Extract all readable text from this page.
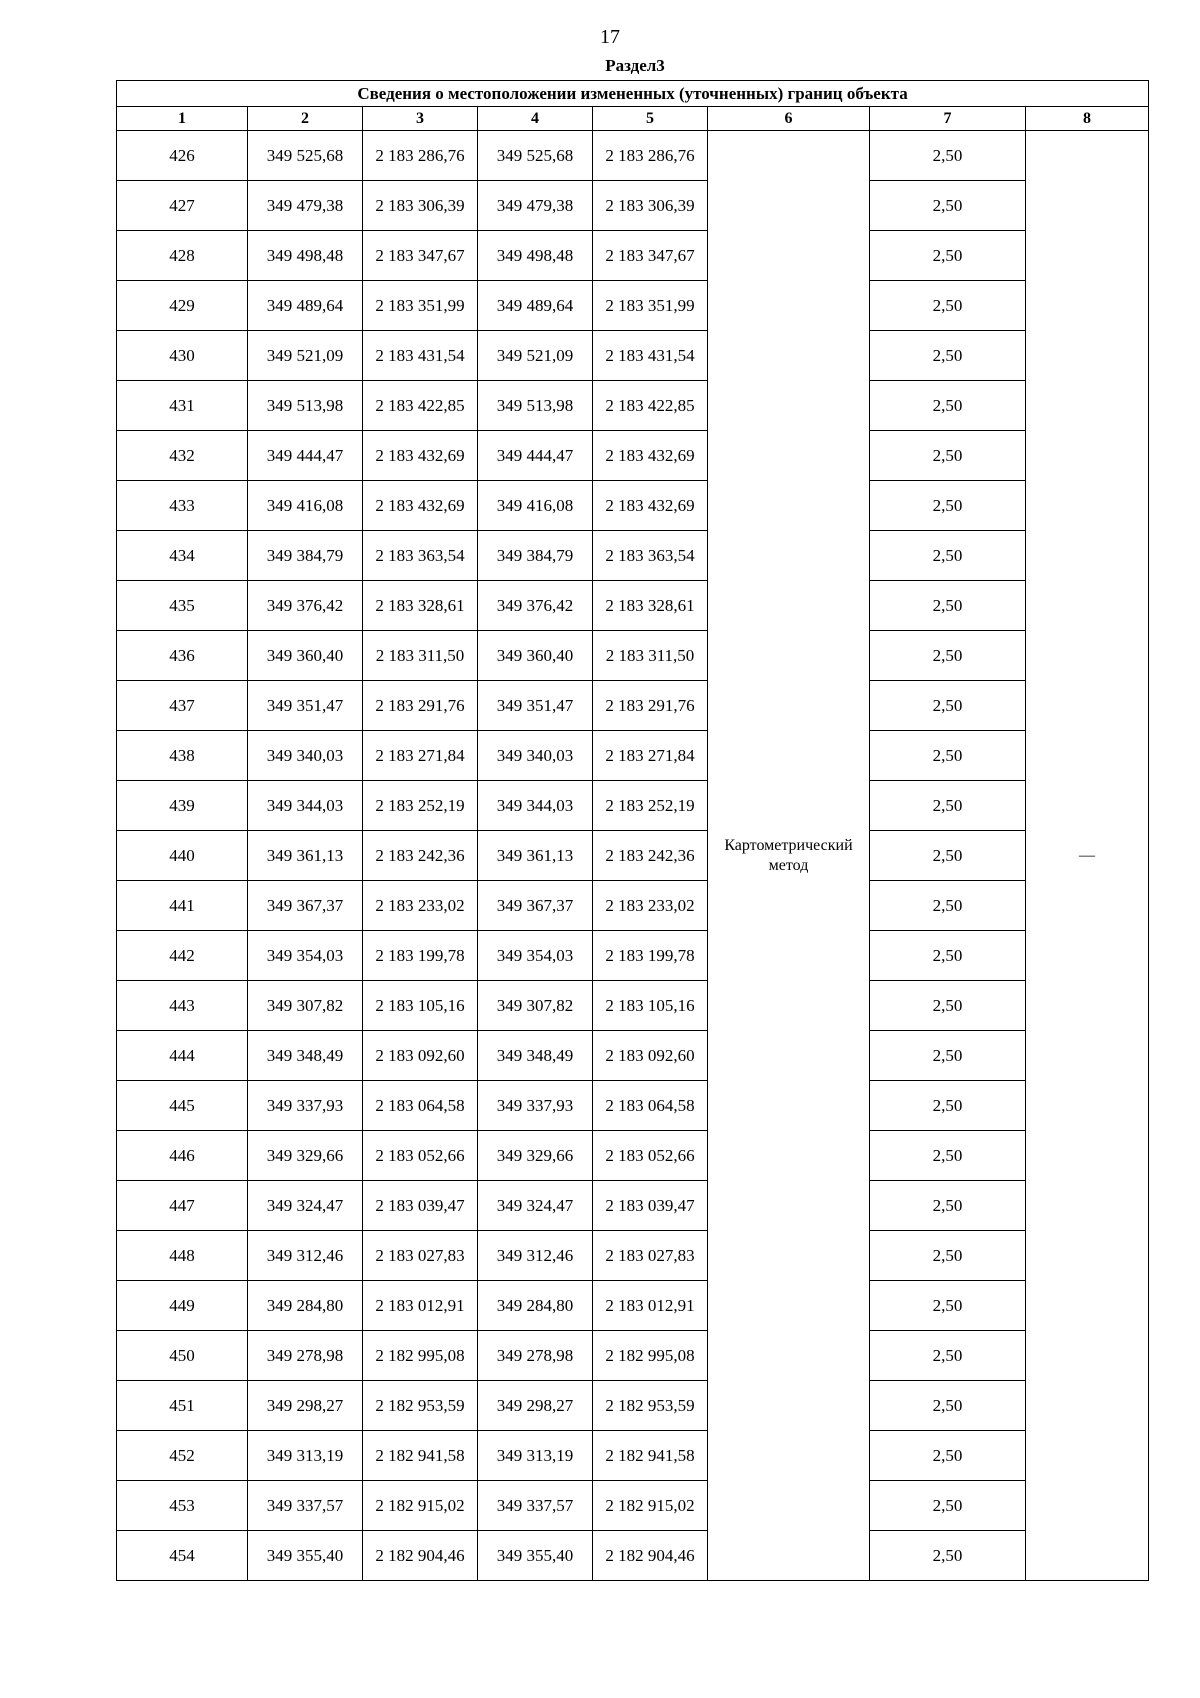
17
Раздел3
Сведения о местоположении измененных (уточненных) границ объекта							
1	2	3	4	5	6	7	8
426	349 525,68	2 183 286,76	349 525,68	2 183 286,76	Картометрический метод	2,50	—
427	349 479,38	2 183 306,39	349 479,38	2 183 306,39		2,50	
428	349 498,48	2 183 347,67	349 498,48	2 183 347,67		2,50	
429	349 489,64	2 183 351,99	349 489,64	2 183 351,99		2,50	
430	349 521,09	2 183 431,54	349 521,09	2 183 431,54		2,50	
431	349 513,98	2 183 422,85	349 513,98	2 183 422,85		2,50	
432	349 444,47	2 183 432,69	349 444,47	2 183 432,69		2,50	
433	349 416,08	2 183 432,69	349 416,08	2 183 432,69		2,50	
434	349 384,79	2 183 363,54	349 384,79	2 183 363,54		2,50	
435	349 376,42	2 183 328,61	349 376,42	2 183 328,61		2,50	
436	349 360,40	2 183 311,50	349 360,40	2 183 311,50		2,50	
437	349 351,47	2 183 291,76	349 351,47	2 183 291,76		2,50	
438	349 340,03	2 183 271,84	349 340,03	2 183 271,84		2,50	
439	349 344,03	2 183 252,19	349 344,03	2 183 252,19		2,50	
440	349 361,13	2 183 242,36	349 361,13	2 183 242,36		2,50	
441	349 367,37	2 183 233,02	349 367,37	2 183 233,02		2,50	
442	349 354,03	2 183 199,78	349 354,03	2 183 199,78		2,50	
443	349 307,82	2 183 105,16	349 307,82	2 183 105,16		2,50	
444	349 348,49	2 183 092,60	349 348,49	2 183 092,60		2,50	
445	349 337,93	2 183 064,58	349 337,93	2 183 064,58		2,50	
446	349 329,66	2 183 052,66	349 329,66	2 183 052,66		2,50	
447	349 324,47	2 183 039,47	349 324,47	2 183 039,47		2,50	
448	349 312,46	2 183 027,83	349 312,46	2 183 027,83		2,50	
449	349 284,80	2 183 012,91	349 284,80	2 183 012,91		2,50	
450	349 278,98	2 182 995,08	349 278,98	2 182 995,08		2,50	
451	349 298,27	2 182 953,59	349 298,27	2 182 953,59		2,50	
452	349 313,19	2 182 941,58	349 313,19	2 182 941,58		2,50	
453	349 337,57	2 182 915,02	349 337,57	2 182 915,02		2,50	
454	349 355,40	2 182 904,46	349 355,40	2 182 904,46		2,50	
